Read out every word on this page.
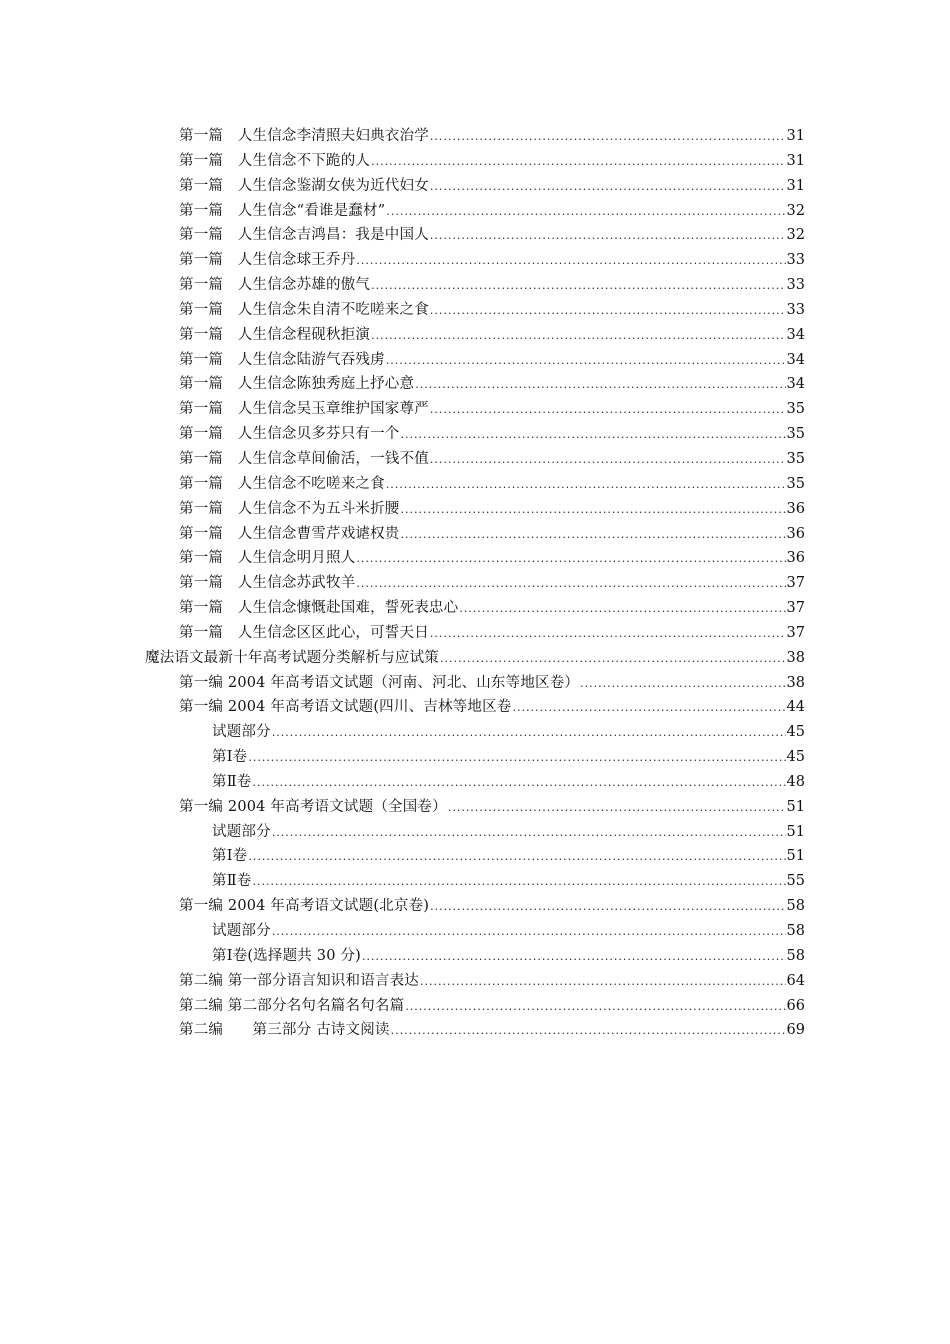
第一篇　人生信念李清照夫妇典衣治学 .....	31
第一篇　人生信念不下跪的人 .....	31
第一篇　人生信念鉴湖女侠为近代妇女 .....	31
第一篇　人生信念“看谁是蠢材” .....	32
第一篇　人生信念吉鸿昌：我是中国人 .....	32
第一篇　人生信念球王乔丹 .....	33
第一篇　人生信念苏雄的傲气 .....	33
第一篇　人生信念朱自清不吃嗟来之食 .....	33
第一篇　人生信念程砚秋拒演 .....	34
第一篇　人生信念陆游气吞残虏 .....	34
第一篇　人生信念陈独秀庭上抒心意 .....	34
第一篇　人生信念吴玉章维护国家尊严 .....	35
第一篇　人生信念贝多芬只有一个 .....	35
第一篇　人生信念草间偷活，一钱不值 .....	35
第一篇　人生信念不吃嗟来之食 .....	35
第一篇　人生信念不为五斗米折腰 .....	36
第一篇　人生信念曹雪芹戏谑权贵 .....	36
第一篇　人生信念明月照人 .....	36
第一篇　人生信念苏武牧羊 .....	37
第一篇　人生信念慷慨赴国难，誓死表忠心 .....	37
第一篇　人生信念区区此心，可誓天日 .....	37
魔法语文最新十年高考试题分类解析与应试策 .....	38
第一编 2004 年高考语文试题（河南、河北、山东等地区卷） .....	38
第一编 2004 年高考语文试题(四川、吉林等地区卷 .....	44
试题部分 .....	45
第Ⅰ卷 .....	45
第Ⅱ卷 .....	48
第一编 2004 年高考语文试题（全国卷） .....	51
试题部分 .....	51
第Ⅰ卷 .....	51
第Ⅱ卷 .....	55
第一编 2004 年高考语文试题(北京卷) .....	58
试题部分 .....	58
第Ⅰ卷(选择题共 30 分) .....	58
第二编 第一部分语言知识和语言表达 .....	64
第二编 第二部分名句名篇名句名篇 .....	66
第二编　　第三部分 古诗文阅读 .....	69
